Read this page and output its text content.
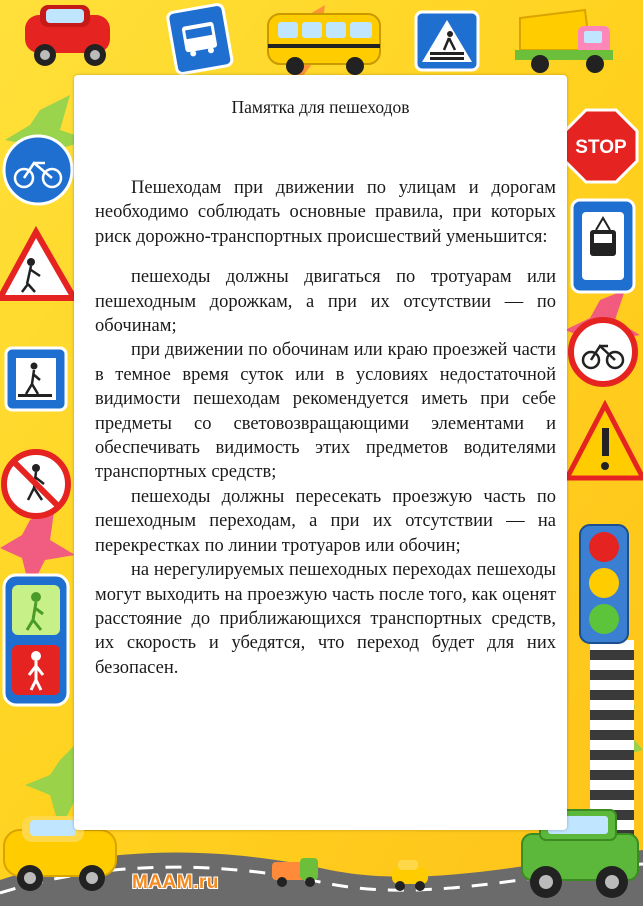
STOP
Памятка для пешеходов

Пешеходам при движении по улицам и дорогам необходимо соблюдать основные правила, при которых риск дорожно-транспортных происшествий уменьшится:

пешеходы должны двигаться по тротуарам или пешеходным дорожкам, а при их отсутствии — по обочинам;

при движении по обочинам или краю проезжей части в темное время суток или в условиях недостаточной видимости пешеходам рекомендуется иметь при себе предметы со световозвращающими элементами и обеспечивать видимость этих предметов водителями транспортных средств;

пешеходы должны пересекать проезжую часть по пешеходным переходам, а при их отсутствии — на перекрестках по линии тротуаров или обочин;

на нерегулируемых пешеходных переходах пешеходы могут выходить на проезжую часть после того, как оценят расстояние до приближающихся транспортных средств, их скорость и убедятся, что переход будет для них безопасен.

MAAM.ru
